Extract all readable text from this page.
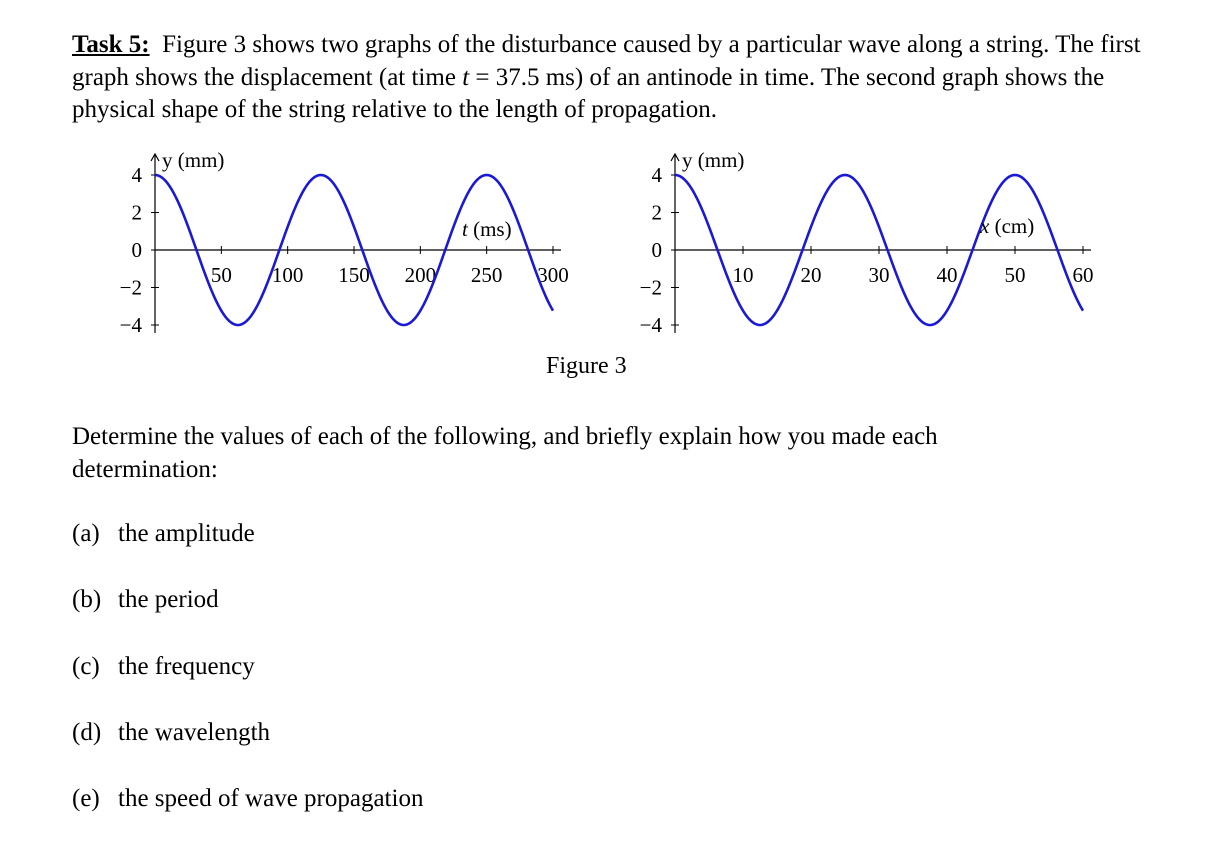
Task 5: Figure 3 shows two graphs of the disturbance caused by a particular wave along a string. The first graph shows the displacement (at time t = 37.5 ms) of an antinode in time. The second graph shows the physical shape of the string relative to the length of propagation.

4
2
0
−2
−4
50 100 150 200 250 300
y (mm)
t (ms)
4
2
0
−2
−4
10 20 30 40 50 60
y (mm)
x (cm)
Figure 3

Determine the values of each of the following, and briefly explain how you made each determination:

(a) the amplitude
(b) the period
(c) the frequency
(d) the wavelength
(e) the speed of wave propagation
